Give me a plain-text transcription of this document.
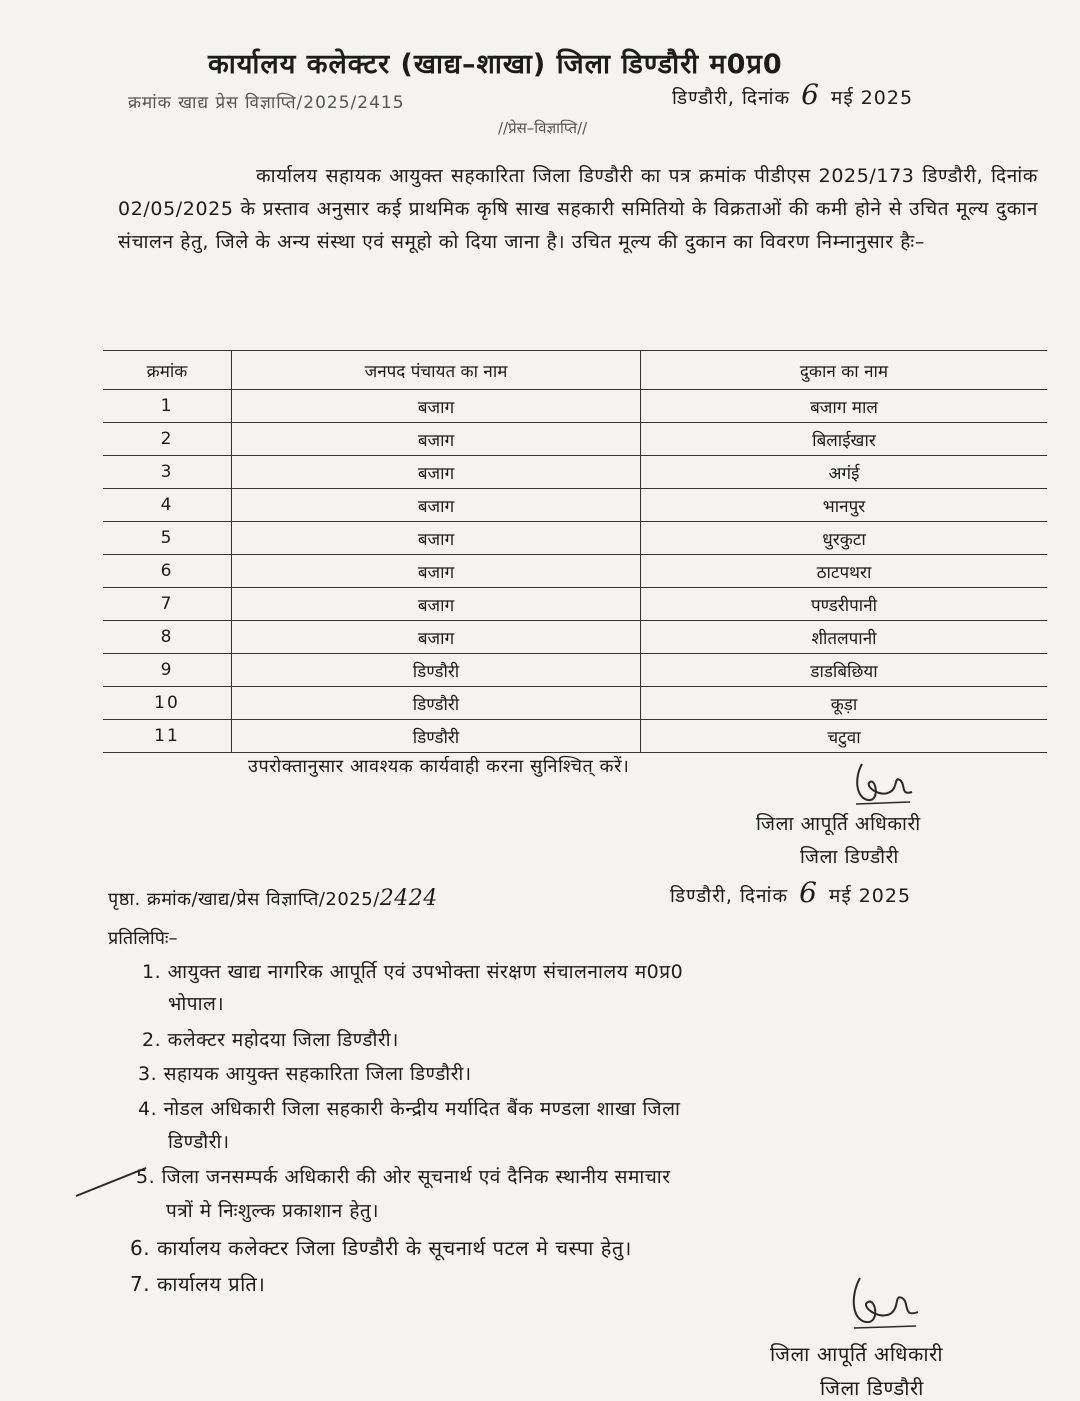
कार्यालय कलेक्टर (खाद्य–शाखा) जिला डिण्डौरी म0प्र0
क्रमांक खाद्य प्रेस विज्ञाप्ति/2025/2415	डिण्डौरी, दिनांक 6 मई 2025
//प्रेस–विज्ञाप्ति//
कार्यालय सहायक आयुक्त सहकारिता जिला डिण्डौरी का पत्र क्रमांक पीडीएस 2025/173 डिण्डौरी, दिनांक 02/05/2025 के प्रस्ताव अनुसार कई प्राथमिक कृषि साख सहकारी समितियो के विक्रताओं की कमी होने से उचित मूल्य दुकान संचालन हेतु, जिले के अन्य संस्था एवं समूहो को दिया जाना है। उचित मूल्य की दुकान का विवरण निम्नानुसार हैः–
क्रमांक	जनपद पंचायत का नाम	दुकान का नाम
1	बजाग	बजाग माल
2	बजाग	बिलाईखार
3	बजाग	अगंई
4	बजाग	भानपुर
5	बजाग	धुरकुटा
6	बजाग	ठाटपथरा
7	बजाग	पण्डरीपानी
8	बजाग	शीतलपानी
9	डिण्डौरी	डाडबिछिया
10	डिण्डौरी	कूड़ा
11	डिण्डौरी	चटुवा
उपरोक्तानुसार आवश्यक कार्यवाही करना सुनिश्चित् करें।
जिला आपूर्ति अधिकारी
जिला डिण्डौरी
पृष्ठा. क्रमांक/खाद्य/प्रेस विज्ञाप्ति/2025/2424	डिण्डौरी, दिनांक 6 मई 2025
प्रतिलिपिः–
1. आयुक्त खाद्य नागरिक आपूर्ति एवं उपभोक्ता संरक्षण संचालनालय म0प्र0
भोपाल।
2. कलेक्टर महोदया जिला डिण्डौरी।
3. सहायक आयुक्त सहकारिता जिला डिण्डौरी।
4. नोडल अधिकारी जिला सहकारी केन्द्रीय मर्यादित बैंक मण्डला शाखा जिला
डिण्डौरी।
5. जिला जनसम्पर्क अधिकारी की ओर सूचनार्थ एवं दैनिक स्थानीय समाचार
पत्रों मे निःशुल्क प्रकाशान हेतु।
6. कार्यालय कलेक्टर जिला डिण्डौरी के सूचनार्थ पटल मे चस्पा हेतु।
7. कार्यालय प्रति।
जिला आपूर्ति अधिकारी
जिला डिण्डौरी
